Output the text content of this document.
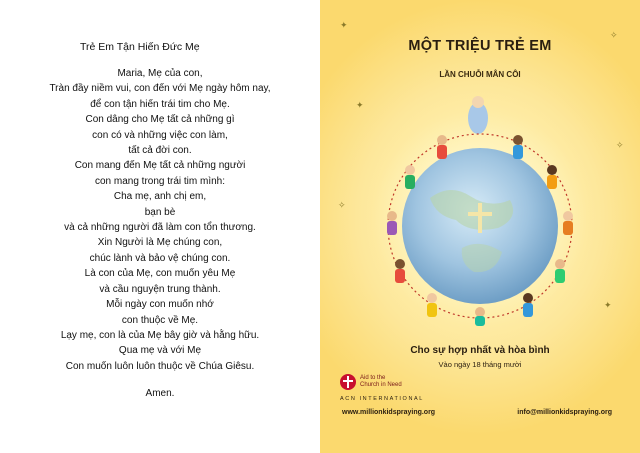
Trẻ Em Tận Hiến Đức Mẹ
Maria, Mẹ của con,
Tràn đầy niềm vui, con đến với Mẹ ngày hôm nay,
để con tận hiến trái tim cho Mẹ.
Con dâng cho Mẹ tất cả những gì
con có và những việc con làm,
tất cả đời con.
Con mang đến Mẹ tất cả những người
con mang trong trái tim mình:
Cha mẹ, anh chị em,
bạn bè
và cả những người đã làm con tổn thương.
Xin Người là Mẹ chúng con,
chúc lành và bảo vệ chúng con.
Là con của Mẹ, con muốn yêu Mẹ
và cầu nguyện trung thành.
Mỗi ngày con muốn nhớ
con thuộc về Mẹ.
Lạy mẹ, con là của Mẹ bây giờ và hằng hữu.
Qua mẹ và với Mẹ
Con muốn luôn luôn thuộc về Chúa Giêsu.
Amen.
MỘT TRIỆU TRẺ EM
LẦN CHUỖI MÂN CÔI
✦
✧
✦
✧
✧
✦
Cho sự hợp nhất và hòa bình
Vào ngày 18 tháng mười
Aid to the
Church in Need
ACN INTERNATIONAL
www.millionkidspraying.org	info@millionkidspraying.org
